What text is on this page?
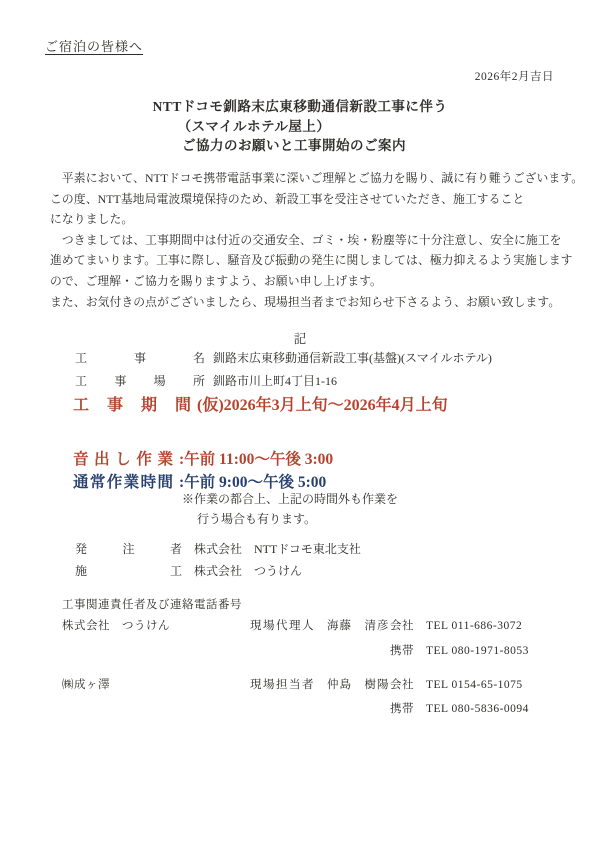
ご宿泊の皆様へ
2026年2月吉日
NTTドコモ釧路末広東移動通信新設工事に伴う
（スマイルホテル屋上）
ご協力のお願いと工事開始のご案内
　平素において、NTTドコモ携帯電話事業に深いご理解とご協力を賜り、誠に有り難うございます。
この度、NTT基地局電波環境保持のため、新設工事を受注させていただき、施工すること
になりました。
　つきましては、工事期間中は付近の交通安全、ゴミ・埃・粉塵等に十分注意し、安全に施工を
進めてまいります。工事に際し、騒音及び振動の発生に関しましては、極力抑えるよう実施します
ので、ご理解・ご協力を賜りますよう、お願い申し上げます。
また、お気付きの点がございましたら、現場担当者までお知らせ下さるよう、お願い致します。
記
工	事	名 釧路末広東移動通信新設工事(基盤)(スマイルホテル)
工 事 場 所 釧路市川上町4丁目1-16
工 事 期 間 (仮)2026年3月上旬～2026年4月上旬
音 出 し 作 業 :午前 11:00～午後 3:00
通 常 作 業 時 間 :午前 9:00～午後 5:00
※作業の都合上、上記の時間外も作業を
行う場合も有ります。
発	注	者 株式会社　NTTドコモ東北支社
施	工 株式会社　つうけん
工事関連責任者及び連絡電話番号
株式会社　つうけん	現場代理人 海藤　清彦 会社　TEL 011-686-3072
携帯　TEL 080-1971-8053
㈱成ヶ澤	現場担当者 仲島　樹陽 会社　TEL 0154-65-1075
携帯　TEL 080-5836-0094
